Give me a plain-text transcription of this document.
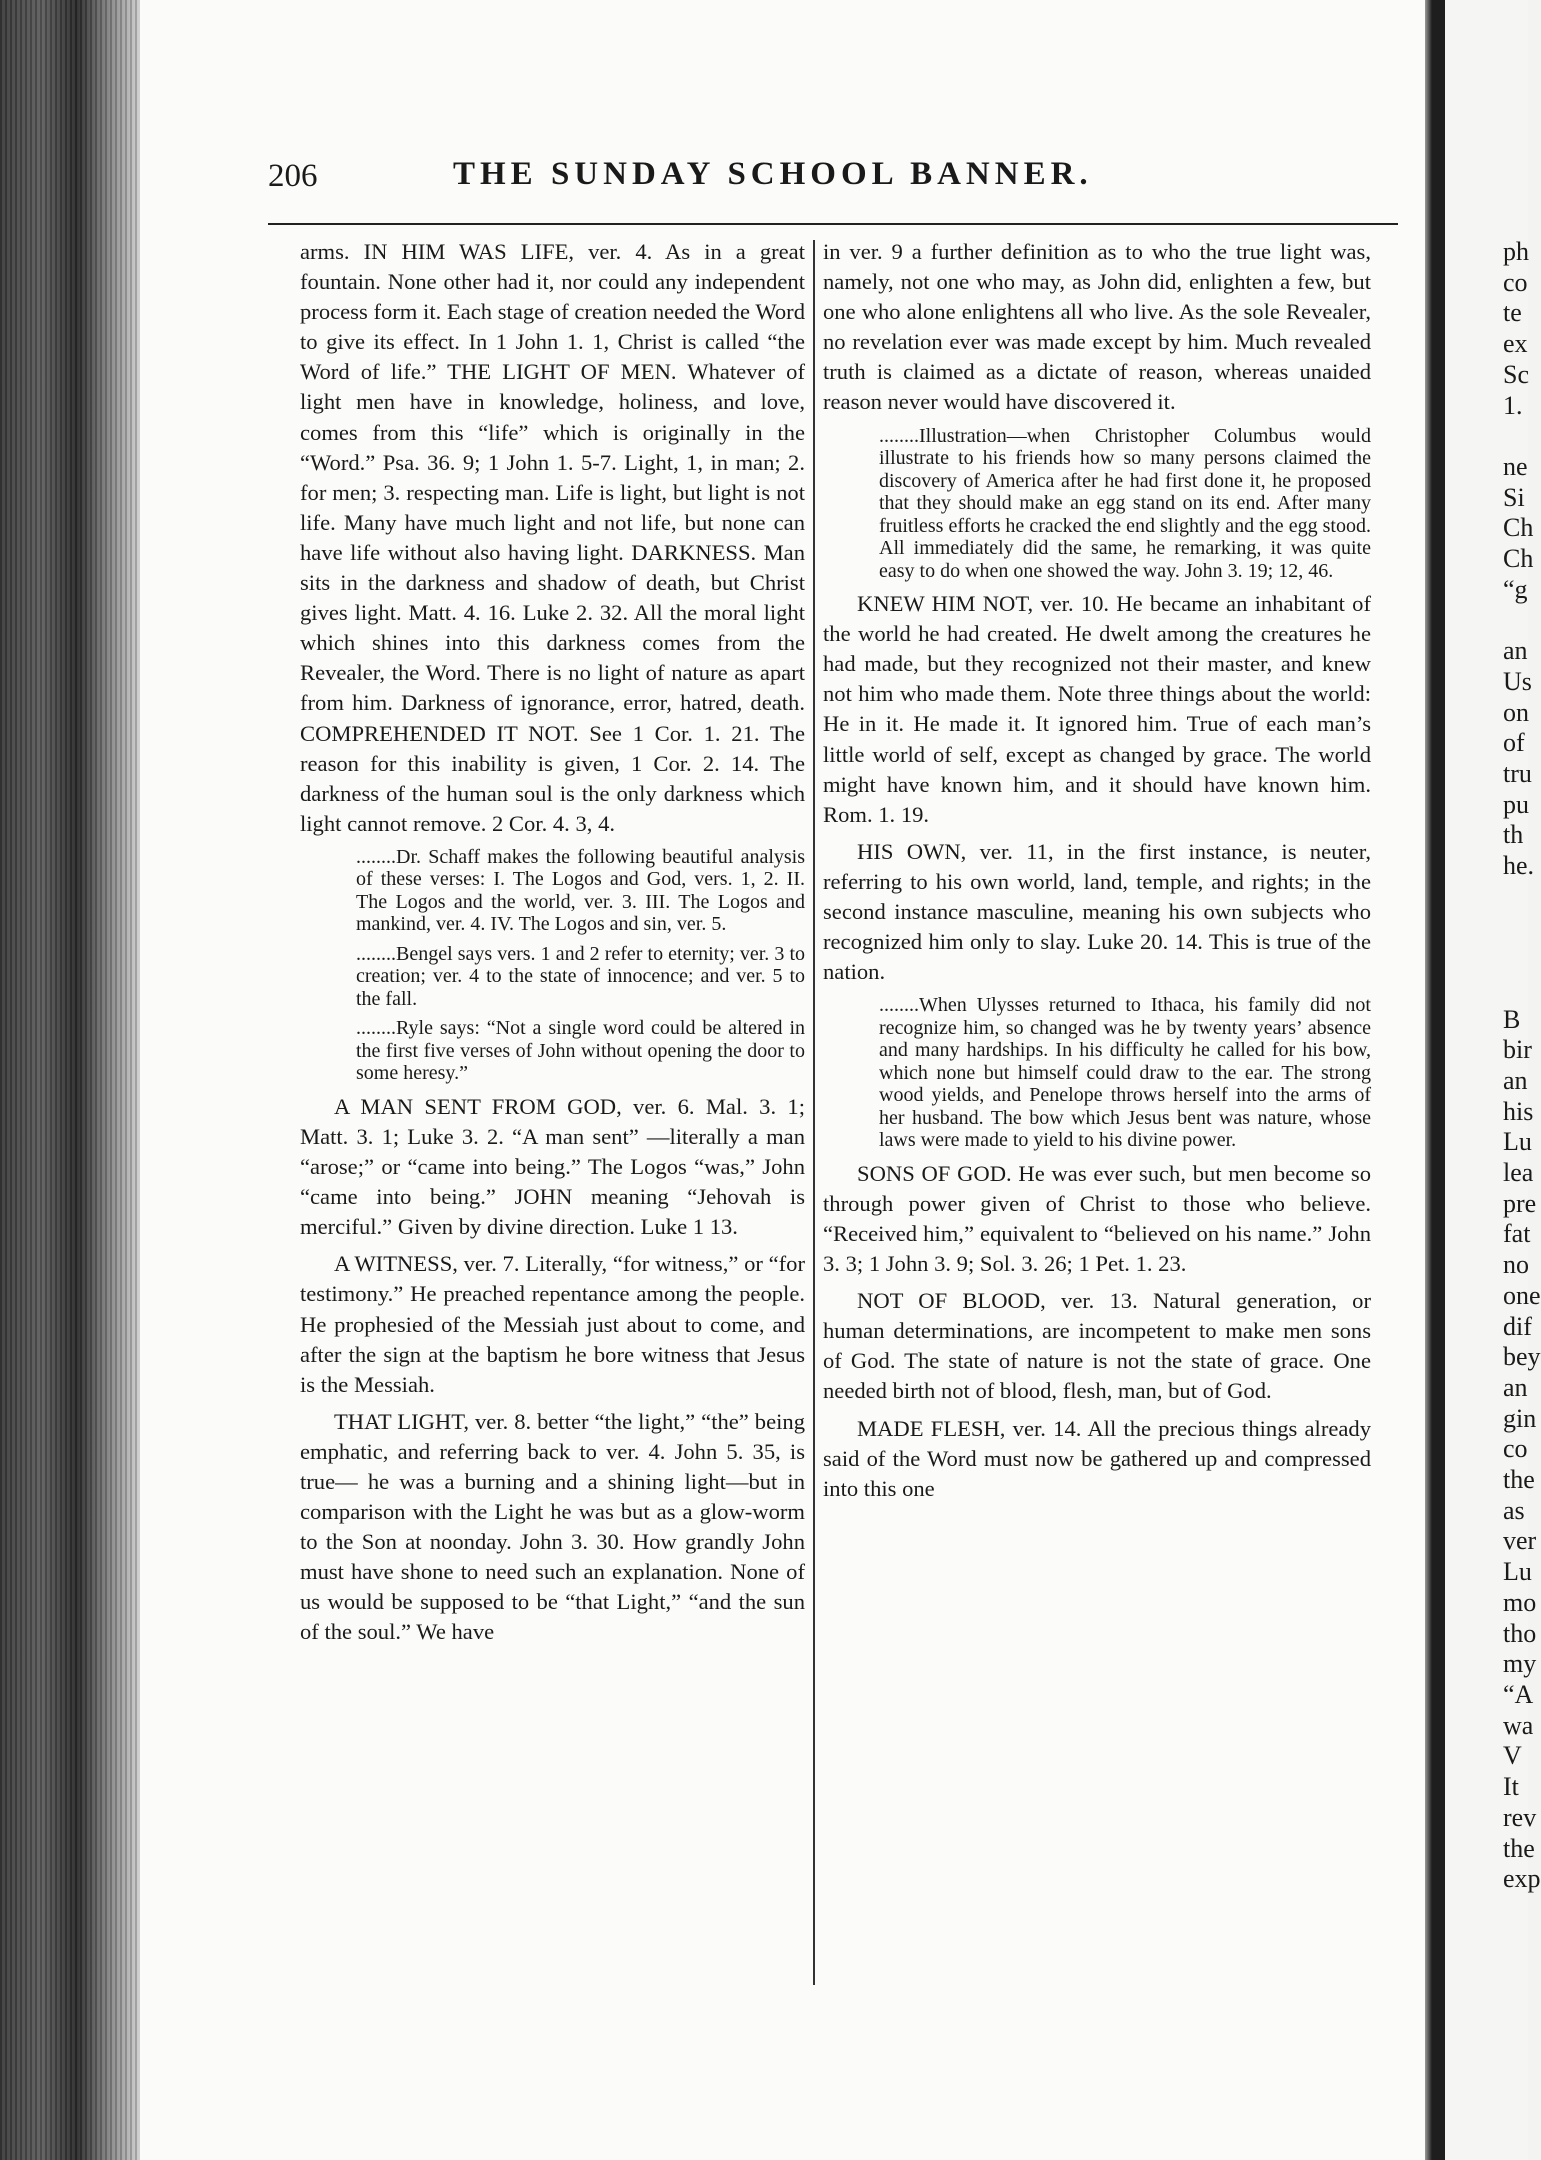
206	THE SUNDAY SCHOOL BANNER.

arms. IN HIM WAS LIFE, ver. 4. As in a great fountain. None other had it, nor could any independent process form it. Each stage of creation needed the Word to give its effect. In 1 John 1. 1, Christ is called “the Word of life.” THE LIGHT OF MEN. Whatever of light men have in knowledge, holiness, and love, comes from this “life” which is originally in the “Word.” Psa. 36. 9; 1 John 1. 5-7. Light, 1, in man; 2. for men; 3. respecting man. Life is light, but light is not life. Many have much light and not life, but none can have life without also having light. DARKNESS. Man sits in the darkness and shadow of death, but Christ gives light. Matt. 4. 16. Luke 2. 32. All the moral light which shines into this darkness comes from the Revealer, the Word. There is no light of nature as apart from him. Darkness of ignorance, error, hatred, death. COMPREHENDED IT NOT. See 1 Cor. 1. 21. The reason for this inability is given, 1 Cor. 2. 14. The darkness of the human soul is the only darkness which light cannot remove. 2 Cor. 4. 3, 4.

........Dr. Schaff makes the following beautiful analysis of these verses: I. The Logos and God, vers. 1, 2. II. The Logos and the world, ver. 3. III. The Logos and mankind, ver. 4. IV. The Logos and sin, ver. 5.

........Bengel says vers. 1 and 2 refer to eternity; ver. 3 to creation; ver. 4 to the state of innocence; and ver. 5 to the fall.

........Ryle says: “Not a single word could be altered in the first five verses of John without opening the door to some heresy.”

A MAN SENT FROM GOD, ver. 6. Mal. 3. 1; Matt. 3. 1; Luke 3. 2. “A man sent” —literally a man “arose;” or “came into being.” The Logos “was,” John “came into being.” JOHN meaning “Jehovah is merciful.” Given by divine direction. Luke 1 13.

A WITNESS, ver. 7. Literally, “for witness,” or “for testimony.” He preached repentance among the people. He prophesied of the Messiah just about to come, and after the sign at the baptism he bore witness that Jesus is the Messiah.

THAT LIGHT, ver. 8. better “the light,” “the” being emphatic, and referring back to ver. 4. John 5. 35, is true— he was a burning and a shining light—but in comparison with the Light he was but as a glow-worm to the Son at noonday. John 3. 30. How grandly John must have shone to need such an explanation. None of us would be supposed to be “that Light,” “and the sun of the soul.” We have

in ver. 9 a further definition as to who the true light was, namely, not one who may, as John did, enlighten a few, but one who alone enlightens all who live. As the sole Revealer, no revelation ever was made except by him. Much revealed truth is claimed as a dictate of reason, whereas unaided reason never would have discovered it.

........Illustration—when Christopher Columbus would illustrate to his friends how so many persons claimed the discovery of America after he had first done it, he proposed that they should make an egg stand on its end. After many fruitless efforts he cracked the end slightly and the egg stood. All immediately did the same, he remarking, it was quite easy to do when one showed the way. John 3. 19; 12, 46.

KNEW HIM NOT, ver. 10. He became an inhabitant of the world he had created. He dwelt among the creatures he had made, but they recognized not their master, and knew not him who made them. Note three things about the world: He in it. He made it. It ignored him. True of each man’s little world of self, except as changed by grace. The world might have known him, and it should have known him. Rom. 1. 19.

HIS OWN, ver. 11, in the first instance, is neuter, referring to his own world, land, temple, and rights; in the second instance masculine, meaning his own subjects who recognized him only to slay. Luke 20. 14. This is true of the nation.

........When Ulysses returned to Ithaca, his family did not recognize him, so changed was he by twenty years’ absence and many hardships. In his difficulty he called for his bow, which none but himself could draw to the ear. The strong wood yields, and Penelope throws herself into the arms of her husband. The bow which Jesus bent was nature, whose laws were made to yield to his divine power.

SONS OF GOD. He was ever such, but men become so through power given of Christ to those who believe. “Received him,” equivalent to “believed on his name.” John 3. 3; 1 John 3. 9; Sol. 3. 26; 1 Pet. 1. 23.

NOT OF BLOOD, ver. 13. Natural generation, or human determinations, are incompetent to make men sons of God. The state of nature is not the state of grace. One needed birth not of blood, flesh, man, but of God.

MADE FLESH, ver. 14. All the precious things already said of the Word must now be gathered up and compressed into this one

ph
co
te
ex
Sc
1.
ne
Si
Ch
Ch
“g
an
Us
on
of
tru
pu
th
he.
B
bir
an
his
Lu
lea
pre
fat
no
one
dif
bey
an
gin
co
the
as
ver
Lu
mo
tho
my
“A
wa
V
It
rev
the
exp
